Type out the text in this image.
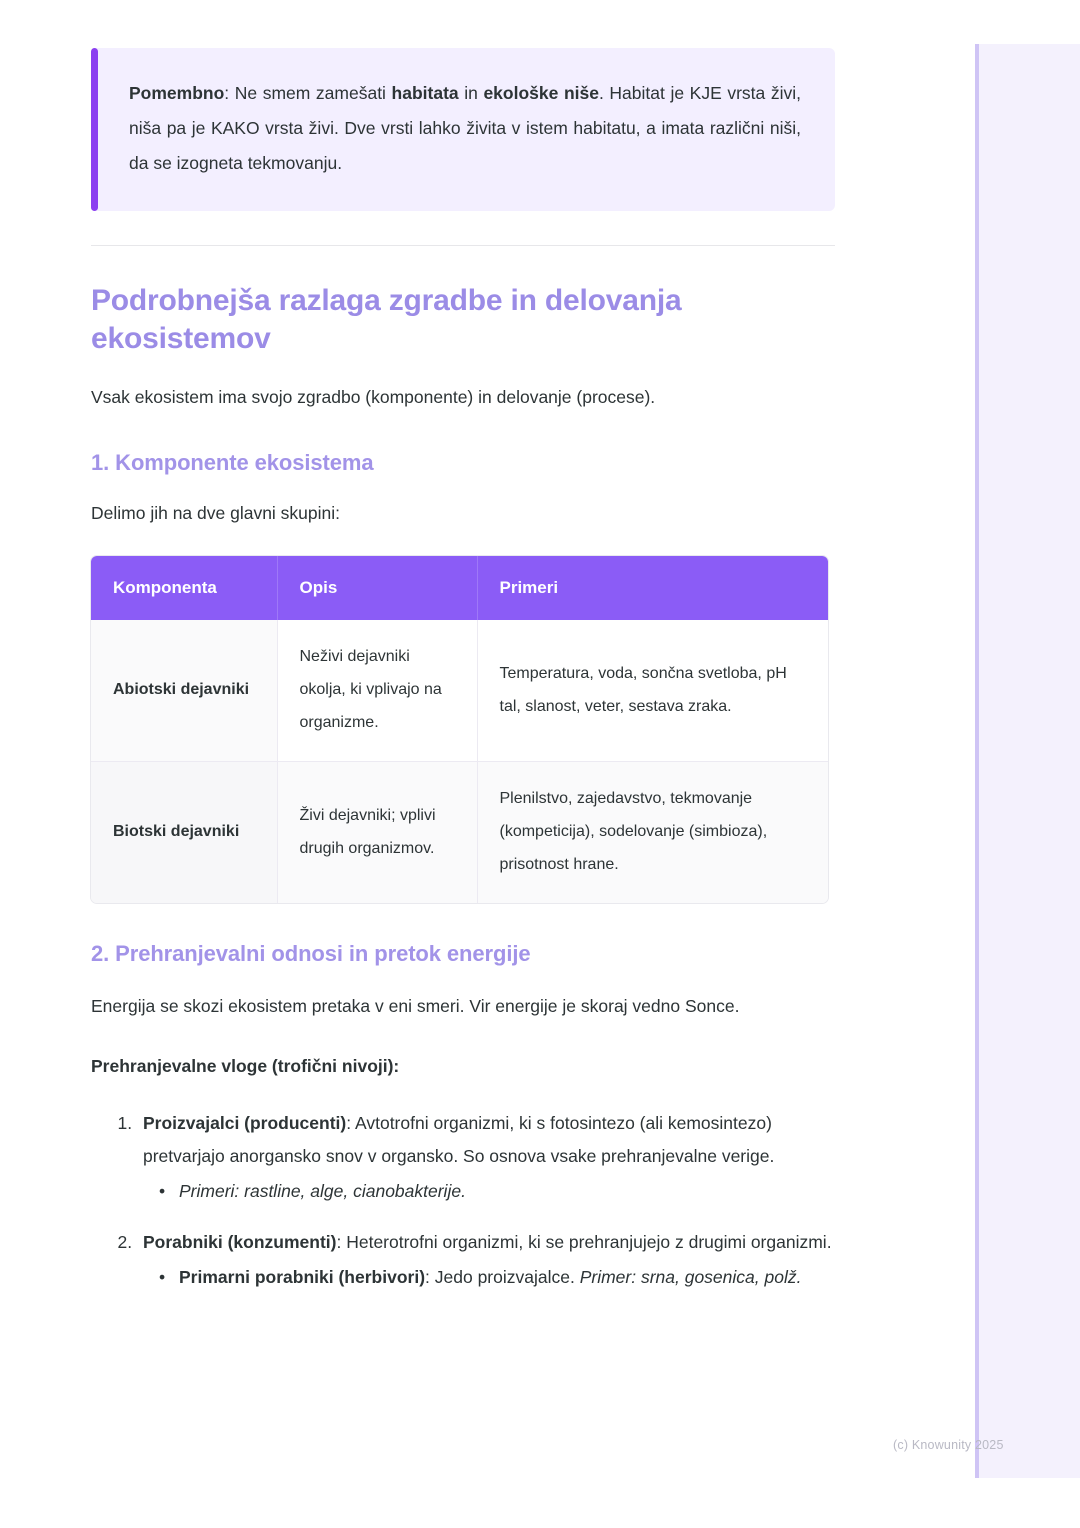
Pomembno: Ne smem zamešati habitata in ekološke niše. Habitat je KJE vrsta živi, niša pa je KAKO vrsta živi. Dve vrsti lahko živita v istem habitatu, a imata različni niši, da se izogneta tekmovanju.

Podrobnejša razlaga zgradbe in delovanja ekosistemov

Vsak ekosistem ima svojo zgradbo (komponente) in delovanje (procese).

1. Komponente ekosistema

Delimo jih na dve glavni skupini:

Komponenta	Opis	Primeri
Abiotski dejavniki	Neživi dejavniki okolja, ki vplivajo na organizme.	Temperatura, voda, sončna svetloba, pH tal, slanost, veter, sestava zraka.
Biotski dejavniki	Živi dejavniki; vplivi drugih organizmov.	Plenilstvo, zajedavstvo, tekmovanje (kompeticija), sodelovanje (simbioza), prisotnost hrane.
2. Prehranjevalni odnosi in pretok energije

Energija se skozi ekosistem pretaka v eni smeri. Vir energije je skoraj vedno Sonce.

Prehranjevalne vloge (trofični nivoji):

1. Proizvajalci (producenti): Avtotrofni organizmi, ki s fotosintezo (ali kemosintezo) pretvarjajo anorgansko snov v organsko. So osnova vsake prehranjevalne verige.
• Primeri: rastline, alge, cianobakterije.
2. Porabniki (konzumenti): Heterotrofni organizmi, ki se prehranjujejo z drugimi organizmi.
• Primarni porabniki (herbivori): Jedo proizvajalce. Primer: srna, gosenica, polž.
(c) Knowunity 2025
